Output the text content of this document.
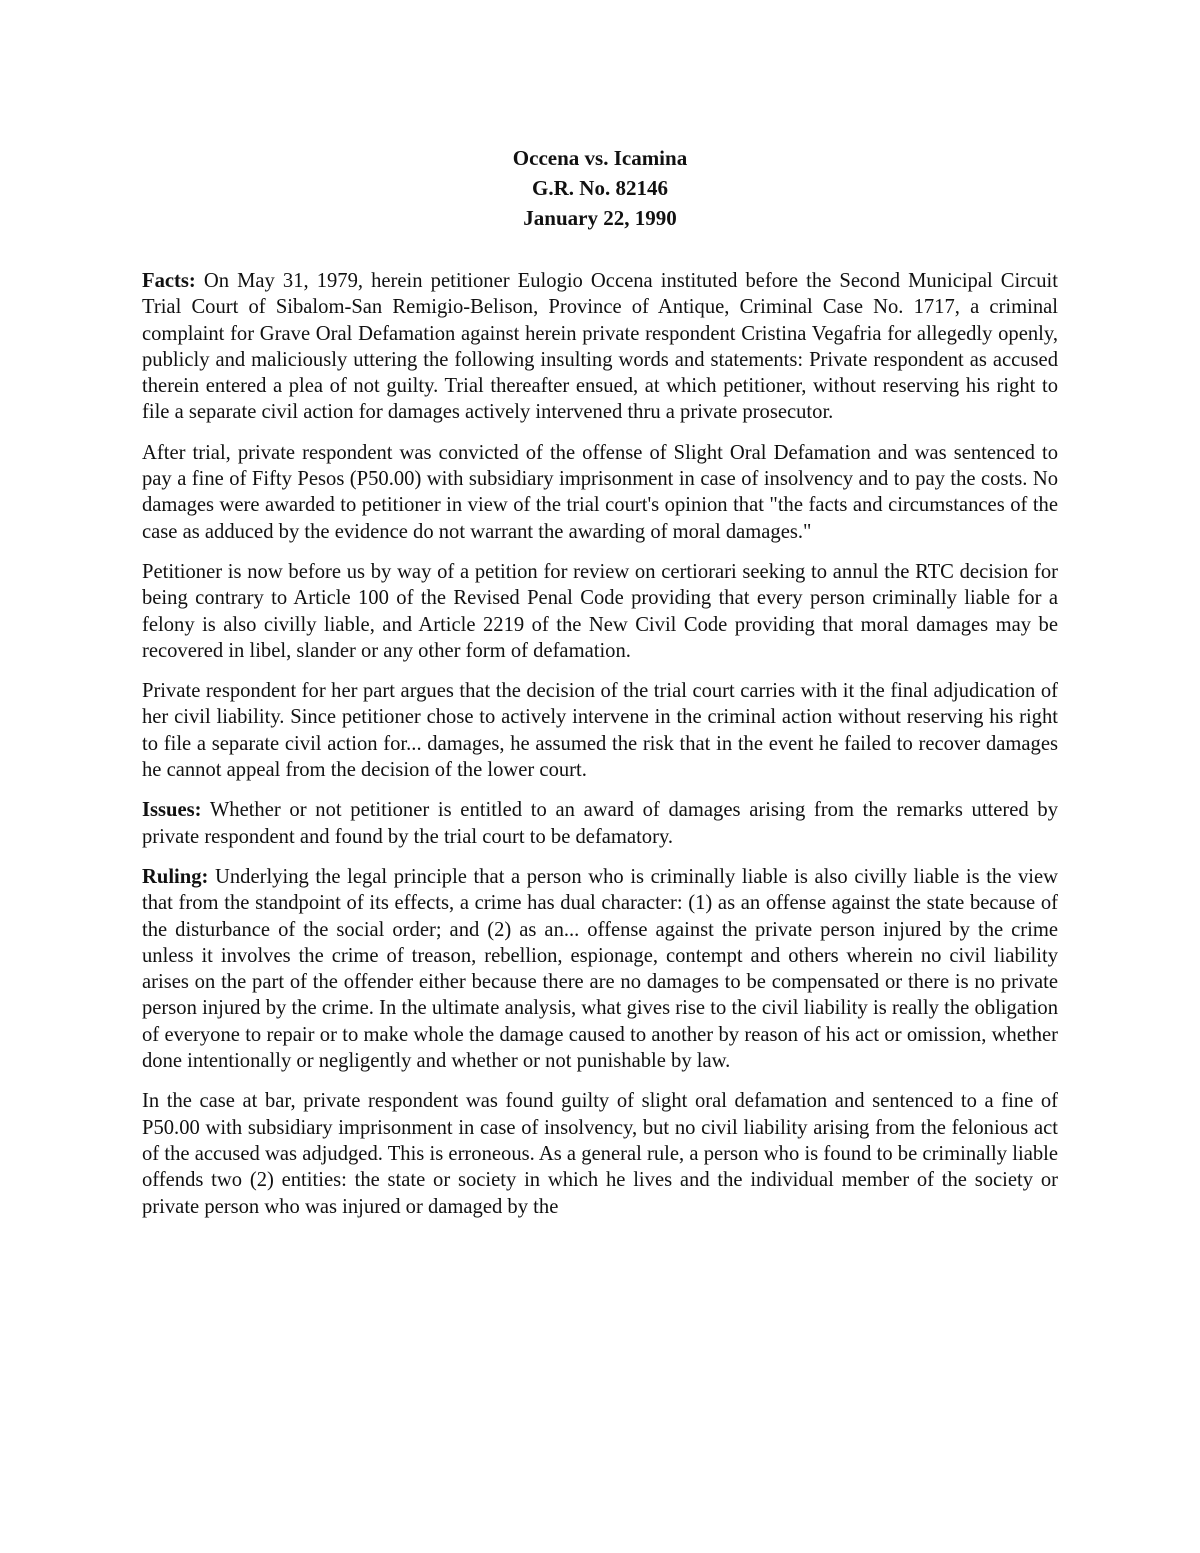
Occena vs. Icamina
G.R. No. 82146
January 22, 1990

Facts: On May 31, 1979, herein petitioner Eulogio Occena instituted before the Second Municipal Circuit Trial Court of Sibalom-San Remigio-Belison, Province of Antique, Criminal Case No. 1717, a criminal complaint for Grave Oral Defamation against herein private respondent Cristina Vegafria for allegedly openly, publicly and maliciously uttering the following insulting words and statements: Private respondent as accused therein entered a plea of not guilty. Trial thereafter ensued, at which petitioner, without reserving his right to file a separate civil action for damages actively intervened thru a private prosecutor.

After trial, private respondent was convicted of the offense of Slight Oral Defamation and was sentenced to pay a fine of Fifty Pesos (P50.00) with subsidiary imprisonment in case of insolvency and to pay the costs. No damages were awarded to petitioner in view of the trial court's opinion that "the facts and circumstances of the case as adduced by the evidence do not warrant the awarding of moral damages."

Petitioner is now before us by way of a petition for review on certiorari seeking to annul the RTC decision for being contrary to Article 100 of the Revised Penal Code providing that every person criminally liable for a felony is also civilly liable, and Article 2219 of the New Civil Code providing that moral damages may be recovered in libel, slander or any other form of defamation.

Private respondent for her part argues that the decision of the trial court carries with it the final adjudication of her civil liability. Since petitioner chose to actively intervene in the criminal action without reserving his right to file a separate civil action for... damages, he assumed the risk that in the event he failed to recover damages he cannot appeal from the decision of the lower court.

Issues: Whether or not petitioner is entitled to an award of damages arising from the remarks uttered by private respondent and found by the trial court to be defamatory.

Ruling: Underlying the legal principle that a person who is criminally liable is also civilly liable is the view that from the standpoint of its effects, a crime has dual character: (1) as an offense against the state because of the disturbance of the social order; and (2) as an... offense against the private person injured by the crime unless it involves the crime of treason, rebellion, espionage, contempt and others wherein no civil liability arises on the part of the offender either because there are no damages to be compensated or there is no private person injured by the crime. In the ultimate analysis, what gives rise to the civil liability is really the obligation of everyone to repair or to make whole the damage caused to another by reason of his act or omission, whether done intentionally or negligently and whether or not punishable by law.

In the case at bar, private respondent was found guilty of slight oral defamation and sentenced to a fine of P50.00 with subsidiary imprisonment in case of insolvency, but no civil liability arising from the felonious act of the accused was adjudged. This is erroneous. As a general rule, a person who is found to be criminally liable offends two (2) entities: the state or society in which he lives and the individual member of the society or private person who was injured or damaged by the
